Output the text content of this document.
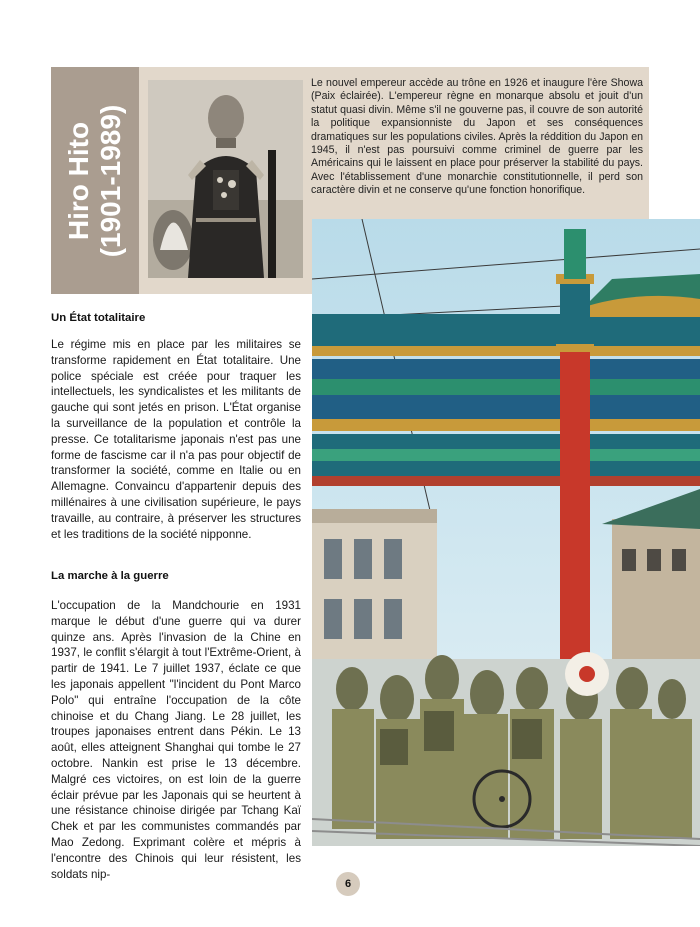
Hiro Hito (1901-1989)
Le nouvel empereur accède au trône en 1926 et inaugure l'ère Showa (Paix éclairée). L'empereur règne en monarque absolu et jouit d'un statut quasi divin. Même s'il ne gouverne pas, il couvre de son autorité la politique expansionniste du Japon et ses conséquences dramatiques sur les populations civiles. Après la réddition du Japon en 1945, il n'est pas poursuivi comme criminel de guerre par les Américains qui le laissent en place pour préserver la stabilité du pays. Avec l'établissement d'une monarchie constitutionnelle, il perd son caractère divin et ne conserve qu'une fonction honorifique.
Un État totalitaire
Le régime mis en place par les militaires se transforme rapidement en État totalitaire. Une police spéciale est créée pour traquer les intellectuels, les syndicalistes et les militants de gauche qui sont jetés en prison. L'État organise la surveillance de la population et contrôle la presse. Ce totalitarisme japonais n'est pas une forme de fascisme car il n'a pas pour objectif de transformer la société, comme en Italie ou en Allemagne. Convaincu d'appartenir depuis des millénaires à une civilisation supérieure, le pays travaille, au contraire, à préserver les structures et les traditions de la société nipponne.
La marche à la guerre
L'occupation de la Mandchourie en 1931 marque le début d'une guerre qui va durer quinze ans. Après l'invasion de la Chine en 1937, le conflit s'élargit à tout l'Extrême-Orient, à partir de 1941. Le 7 juillet 1937, éclate ce que les japonais appellent "l'incident du Pont Marco Polo" qui entraîne l'occupation de la côte chinoise et du Chang Jiang. Le 28 juillet, les troupes japonaises entrent dans Pékin. Le 13 août, elles atteignent Shanghai qui tombe le 27 octobre. Nankin est prise le 13 décembre. Malgré ces victoires, on est loin de la guerre éclair prévue par les Japonais qui se heurtent à une résistance chinoise dirigée par Tchang Kaï Chek et par les communistes commandés par Mao Zedong. Exprimant colère et mépris à l'encontre des Chinois qui leur résistent, les soldats nip-
6
